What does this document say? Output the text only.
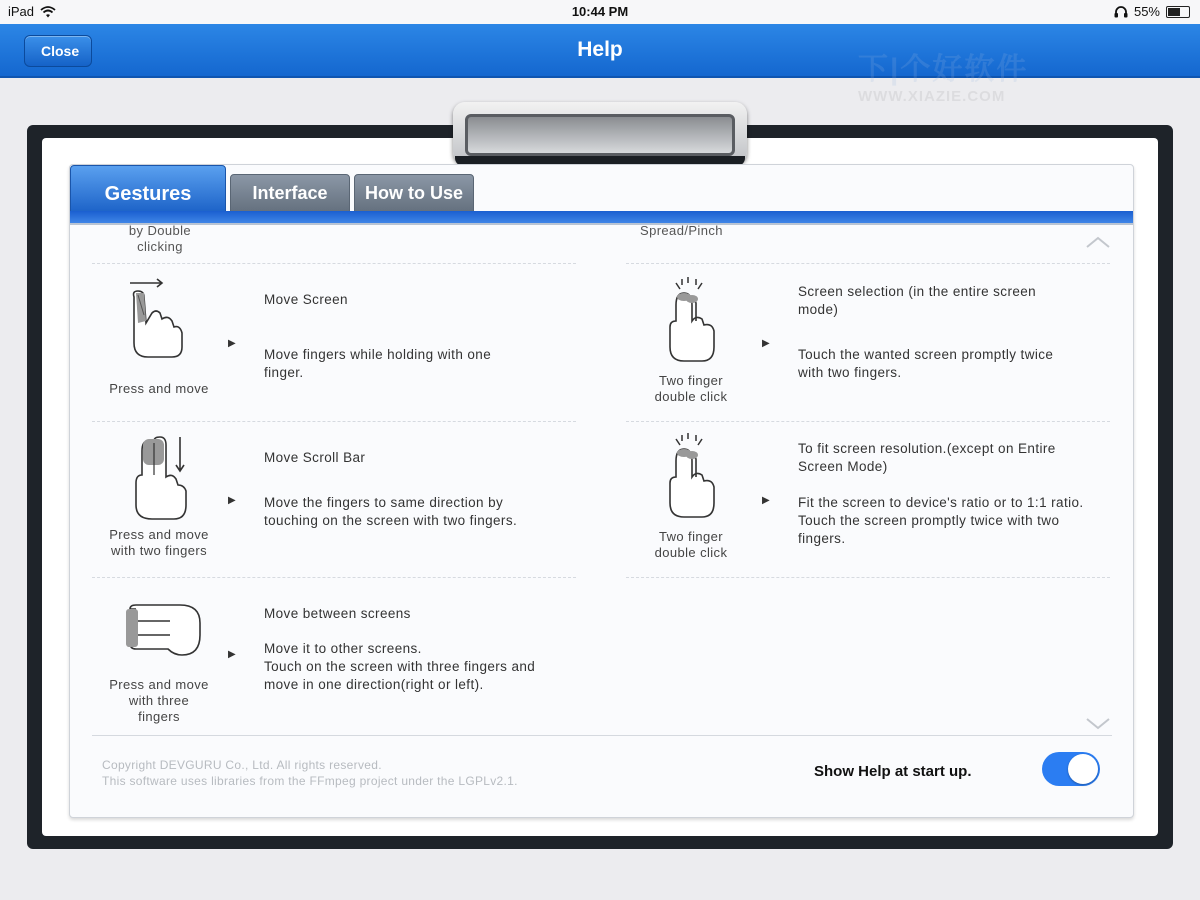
iPad	10:44 PM	55%
Close	Help
下|个好软件
WWW.XIAZIE.COM
Gestures	Interface	How to Use
by Double
clicking
Spread/Pinch
Press and move
▶
Move Screen
Move fingers while holding with one finger.
Two finger
double click
▶
Screen selection (in the entire screen mode)
Touch the wanted screen promptly twice with two fingers.
Press and move
with two fingers
▶
Move Scroll Bar
Move the fingers to same direction by touching on the screen with two fingers.
Two finger
double click
▶
To fit screen resolution.(except on Entire Screen Mode)
Fit the screen to device's ratio or to 1:1 ratio. Touch the screen promptly twice with two fingers.
Press and move
with three
fingers
▶
Move between screens
Move it to other screens.
Touch on the screen with three fingers and move in one direction(right or left).
Copyright DEVGURU Co., Ltd. All rights reserved.
This software uses libraries from the FFmpeg project under the LGPLv2.1.
Show Help at start up.
